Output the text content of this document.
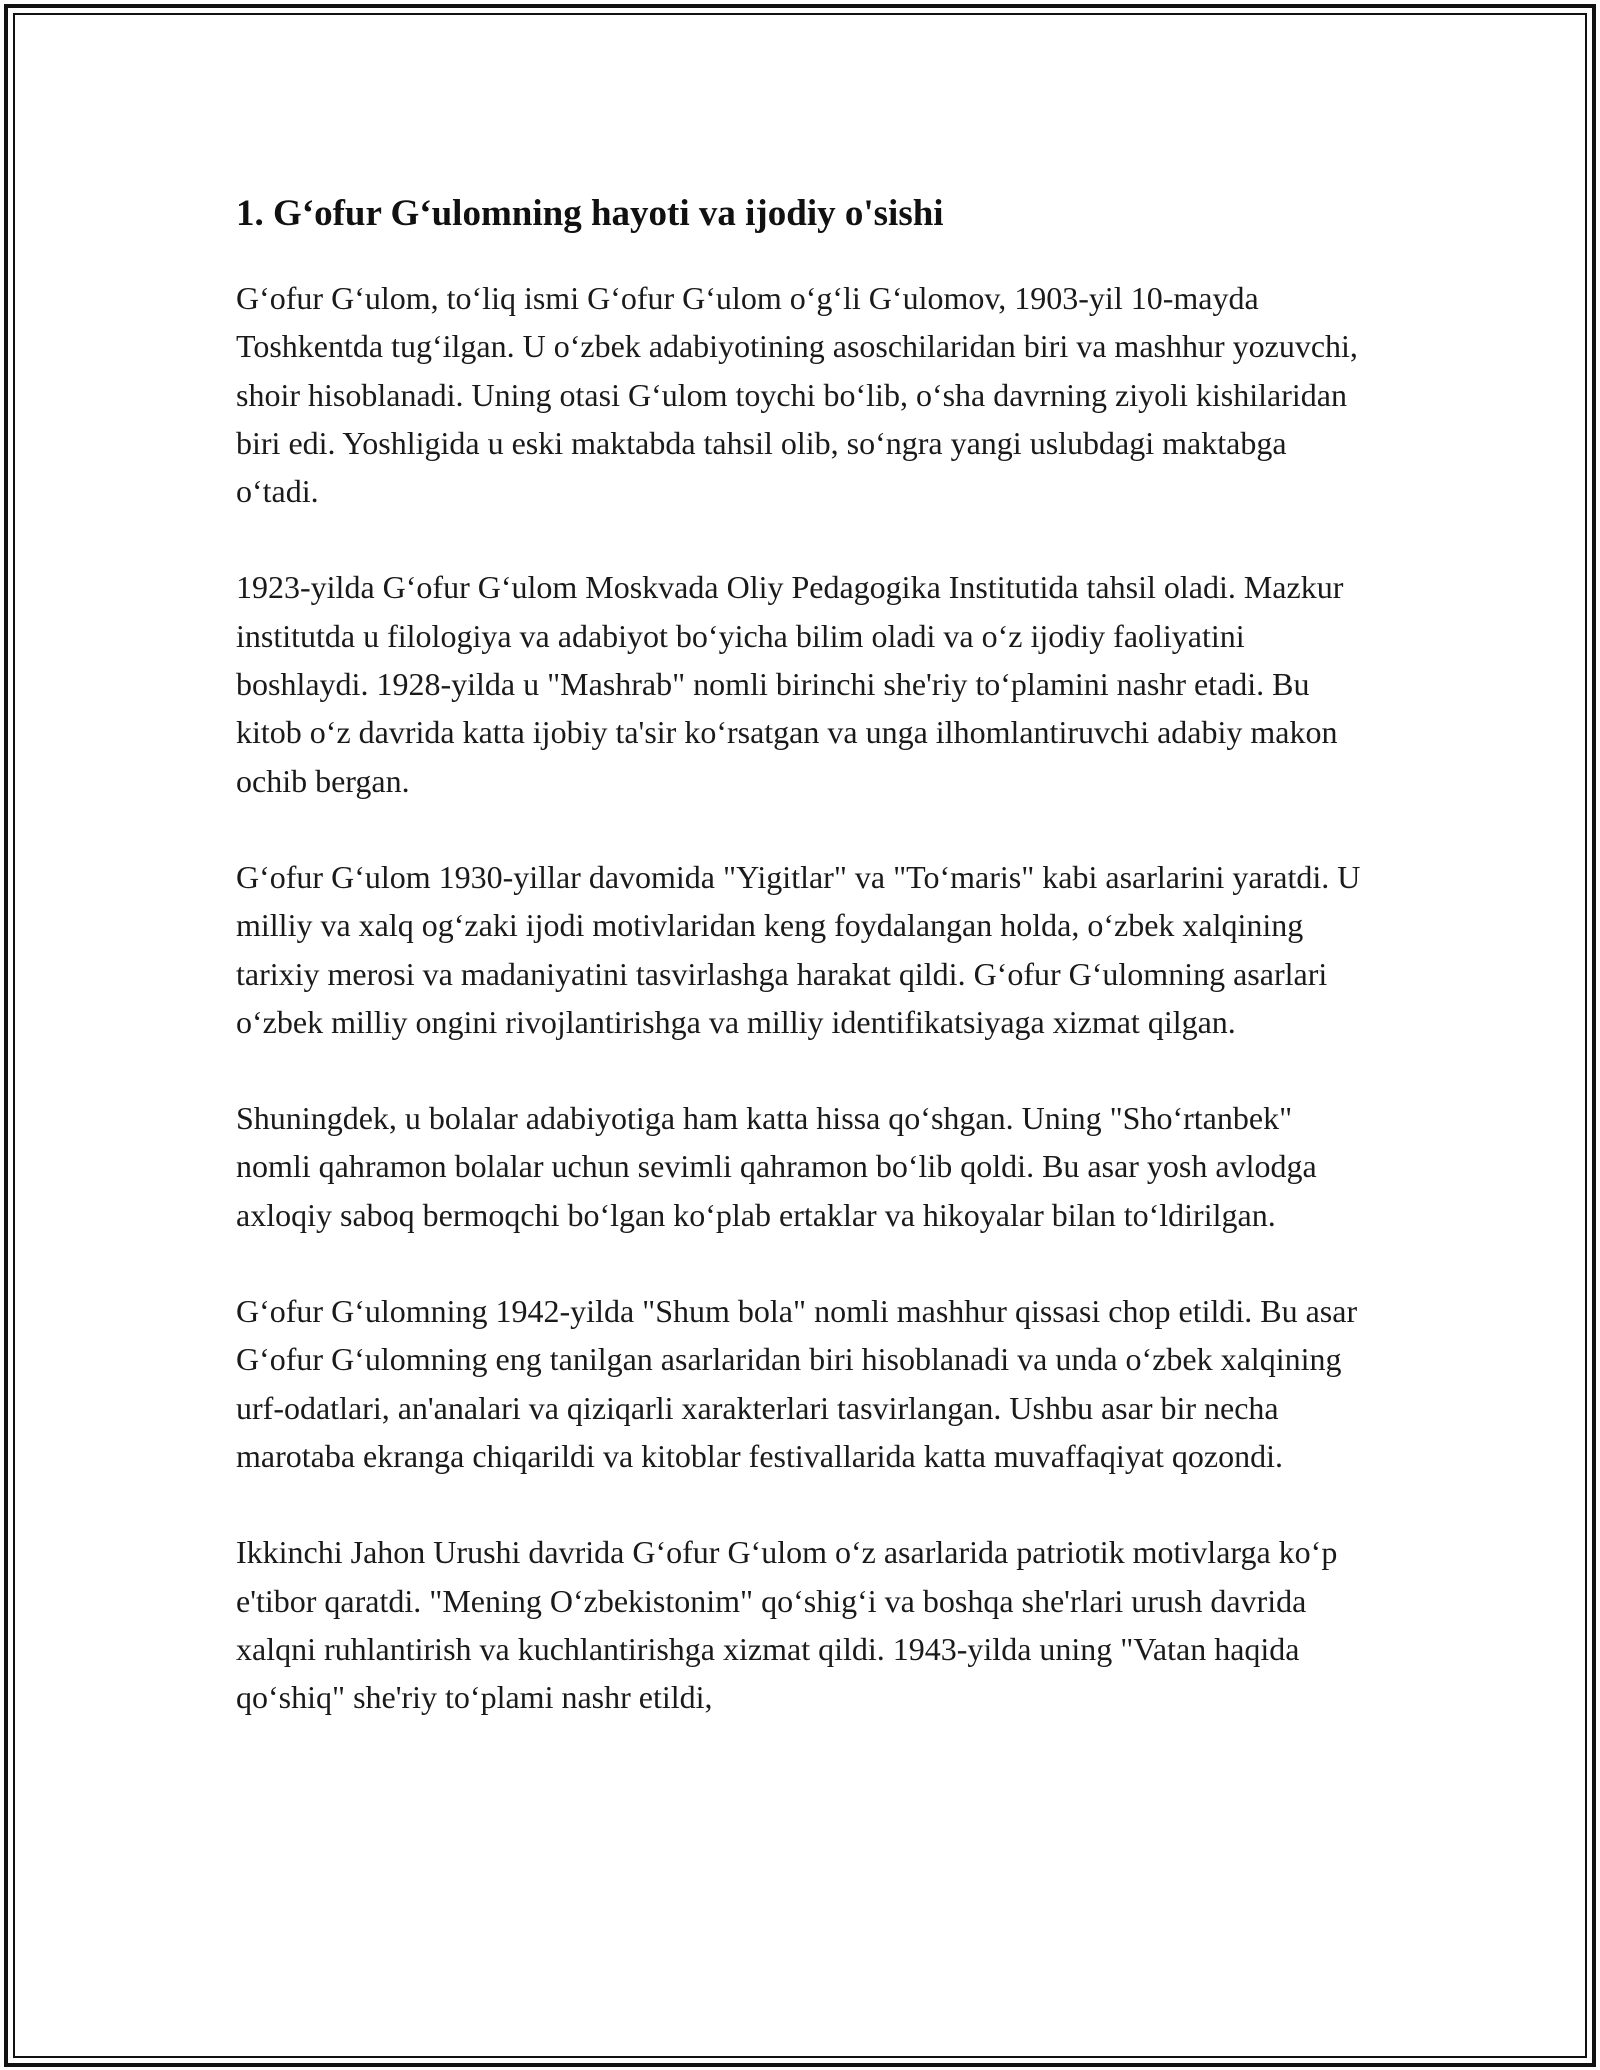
1. G‘ofur G‘ulomning hayoti va ijodiy o'sishi

G‘ofur G‘ulom, to‘liq ismi G‘ofur G‘ulom o‘g‘li G‘ulomov, 1903-yil 10-mayda Toshkentda tug‘ilgan. U o‘zbek adabiyotining asoschilaridan biri va mashhur yozuvchi, shoir hisoblanadi. Uning otasi G‘ulom toychi bo‘lib, o‘sha davrning ziyoli kishilaridan biri edi. Yoshligida u eski maktabda tahsil olib, so‘ngra yangi uslubdagi maktabga o‘tadi.

1923-yilda G‘ofur G‘ulom Moskvada Oliy Pedagogika Institutida tahsil oladi. Mazkur institutda u filologiya va adabiyot bo‘yicha bilim oladi va o‘z ijodiy faoliyatini boshlaydi. 1928-yilda u "Mashrab" nomli birinchi she'riy to‘plamini nashr etadi. Bu kitob o‘z davrida katta ijobiy ta'sir ko‘rsatgan va unga ilhomlantiruvchi adabiy makon ochib bergan.

G‘ofur G‘ulom 1930-yillar davomida "Yigitlar" va "To‘maris" kabi asarlarini yaratdi. U milliy va xalq og‘zaki ijodi motivlaridan keng foydalangan holda, o‘zbek xalqining tarixiy merosi va madaniyatini tasvirlashga harakat qildi. G‘ofur G‘ulomning asarlari o‘zbek milliy ongini rivojlantirishga va milliy identifikatsiyaga xizmat qilgan.

Shuningdek, u bolalar adabiyotiga ham katta hissa qo‘shgan. Uning "Sho‘rtanbek" nomli qahramon bolalar uchun sevimli qahramon bo‘lib qoldi. Bu asar yosh avlodga axloqiy saboq bermoqchi bo‘lgan ko‘plab ertaklar va hikoyalar bilan to‘ldirilgan.

G‘ofur G‘ulomning 1942-yilda "Shum bola" nomli mashhur qissasi chop etildi. Bu asar G‘ofur G‘ulomning eng tanilgan asarlaridan biri hisoblanadi va unda o‘zbek xalqining urf-odatlari, an'analari va qiziqarli xarakterlari tasvirlangan. Ushbu asar bir necha marotaba ekranga chiqarildi va kitoblar festivallarida katta muvaffaqiyat qozondi.

Ikkinchi Jahon Urushi davrida G‘ofur G‘ulom o‘z asarlarida patriotik motivlarga ko‘p e'tibor qaratdi. "Mening O‘zbekistonim" qo‘shig‘i va boshqa she'rlari urush davrida xalqni ruhlantirish va kuchlantirishga xizmat qildi. 1943-yilda uning "Vatan haqida qo‘shiq" she'riy to‘plami nashr etildi,
